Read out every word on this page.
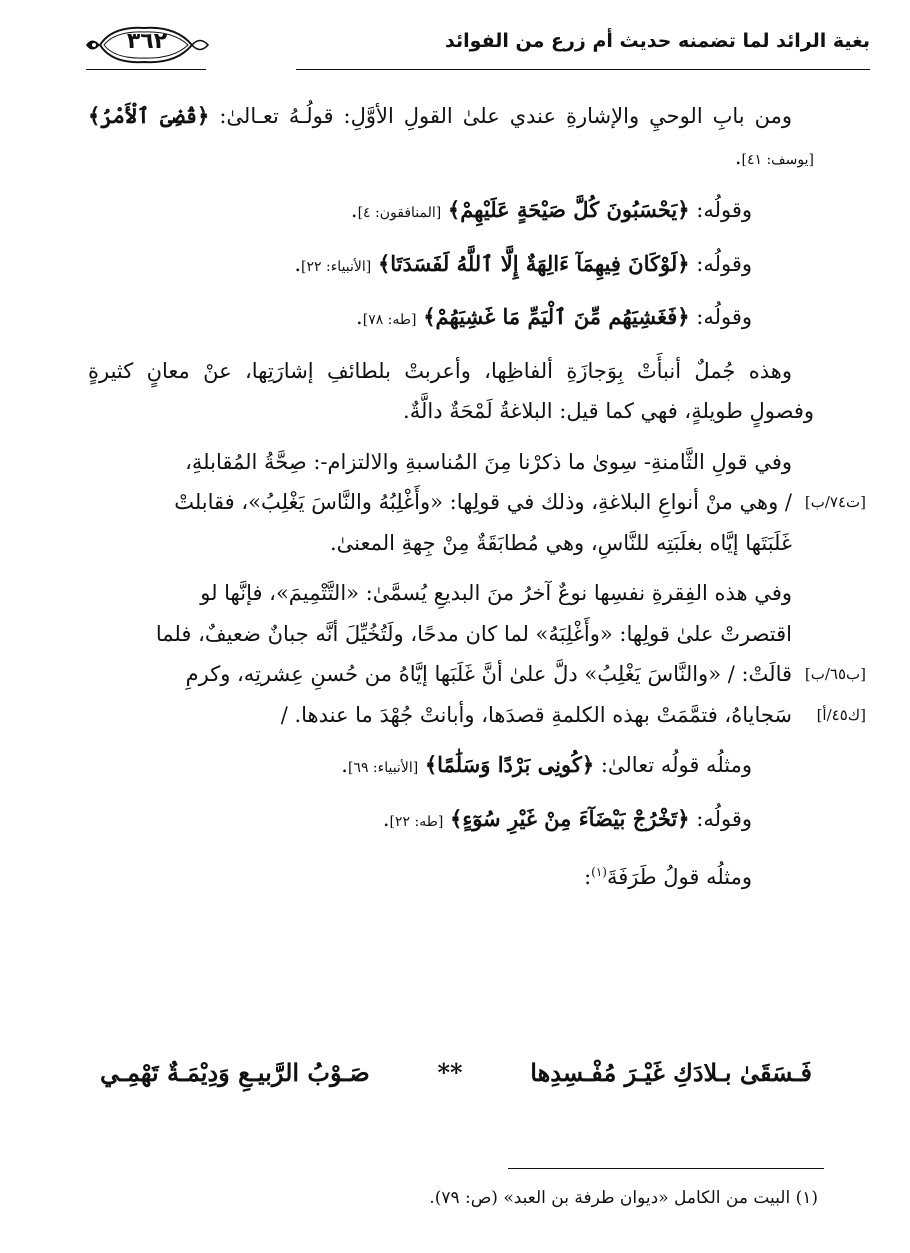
٣٦٢	بغية الرائد لما تضمنه حديث أم زرع من الفوائد

ومن بابِ الوحيِ والإشارةِ عندي علىٰ القولِ الأوَّلِ: قولُـهُ تعـالىٰ: ﴿قُضِىَ ٱلْأَمْرُ﴾ [يوسف: ٤١].

وقولُه: ﴿يَحْسَبُونَ كُلَّ صَيْحَةٍ عَلَيْهِمْ﴾ [المنافقون: ٤].

وقولُه: ﴿لَوْكَانَ فِيهِمَآ ءَالِهَةٌ إِلَّا ٱللَّهُ لَفَسَدَتَا﴾ [الأنبياء: ٢٢].

وقولُه: ﴿فَغَشِيَهُم مِّنَ ٱلْيَمِّ مَا غَشِيَهُمْ﴾ [طه: ٧٨].

وهذه جُملٌ أنبأَتْ بِوَجازَةِ ألفاظِها، وأعربتْ بلطائفِ إشارَتِها، عنْ معانٍ كثيرةٍ وفصولٍ طويلةٍ، فهي كما قيل: البلاغةُ لَمْحَةٌ دالَّةٌ.

وفي قولِ الثَّامنةِ- سِوىٰ ما ذكرْنا مِنَ المُناسبةِ والالتزام-: صِحَّةُ المُقابلةِ،
[ت٧٤/ب]
/ وهي منْ أنواعِ البلاغةِ، وذلك في قولِها: «وأَغْلِبُهُ والنَّاسَ يَغْلِبُ»، فقابلتْ
غَلَبَتَها إيَّاه بغلَبَتِه للنَّاسِ، وهي مُطابَقَةٌ مِنْ جِهةِ المعنىٰ.

وفي هذه الفِقرةِ نفسِها نوعٌ آخرُ منَ البديعِ يُسمَّىٰ: «التَّتْمِيمَ»، فإنَّها لو
اقتصرتْ علىٰ قولِها: «وأَغْلِبَهُ» لما كان مدحًا، ولَتُخُيِّلَ أنَّه جبانٌ ضعيفٌ، فلما
[ب٦٥/ب]
قالَتْ: / «والنَّاسَ يَغْلِبُ» دلَّ علىٰ أنَّ غَلَبَها إيَّاهُ من حُسنِ عِشرتِه، وكرمِ
[ك٤٥/أ]
سَجاياهُ، فتمَّمَتْ بهذه الكلمةِ قصدَها، وأبانتْ جُهْدَ ما عندها. /

ومثلُه قولُه تعالىٰ: ﴿كُونِى بَرْدًا وَسَلَٰمًا﴾ [الأنبياء: ٦٩].

وقولُه: ﴿تَخْرُجْ بَيْضَآءَ مِنْ غَيْرِ سُوٓءٍ﴾ [طه: ٢٢].

ومثلُه قولُ طَرَفَةَ$^{(١)}$:

فَـسَقَىٰ بـلادَكِ غَيْـرَ مُفْـسِدِها
**
صَـوْبُ الرَّبيـعِ وَدِيْمَـةٌ تَهْمِـي
(١) البيت من الكامل «ديوان طرفة بن العبد» (ص: ٧٩).
